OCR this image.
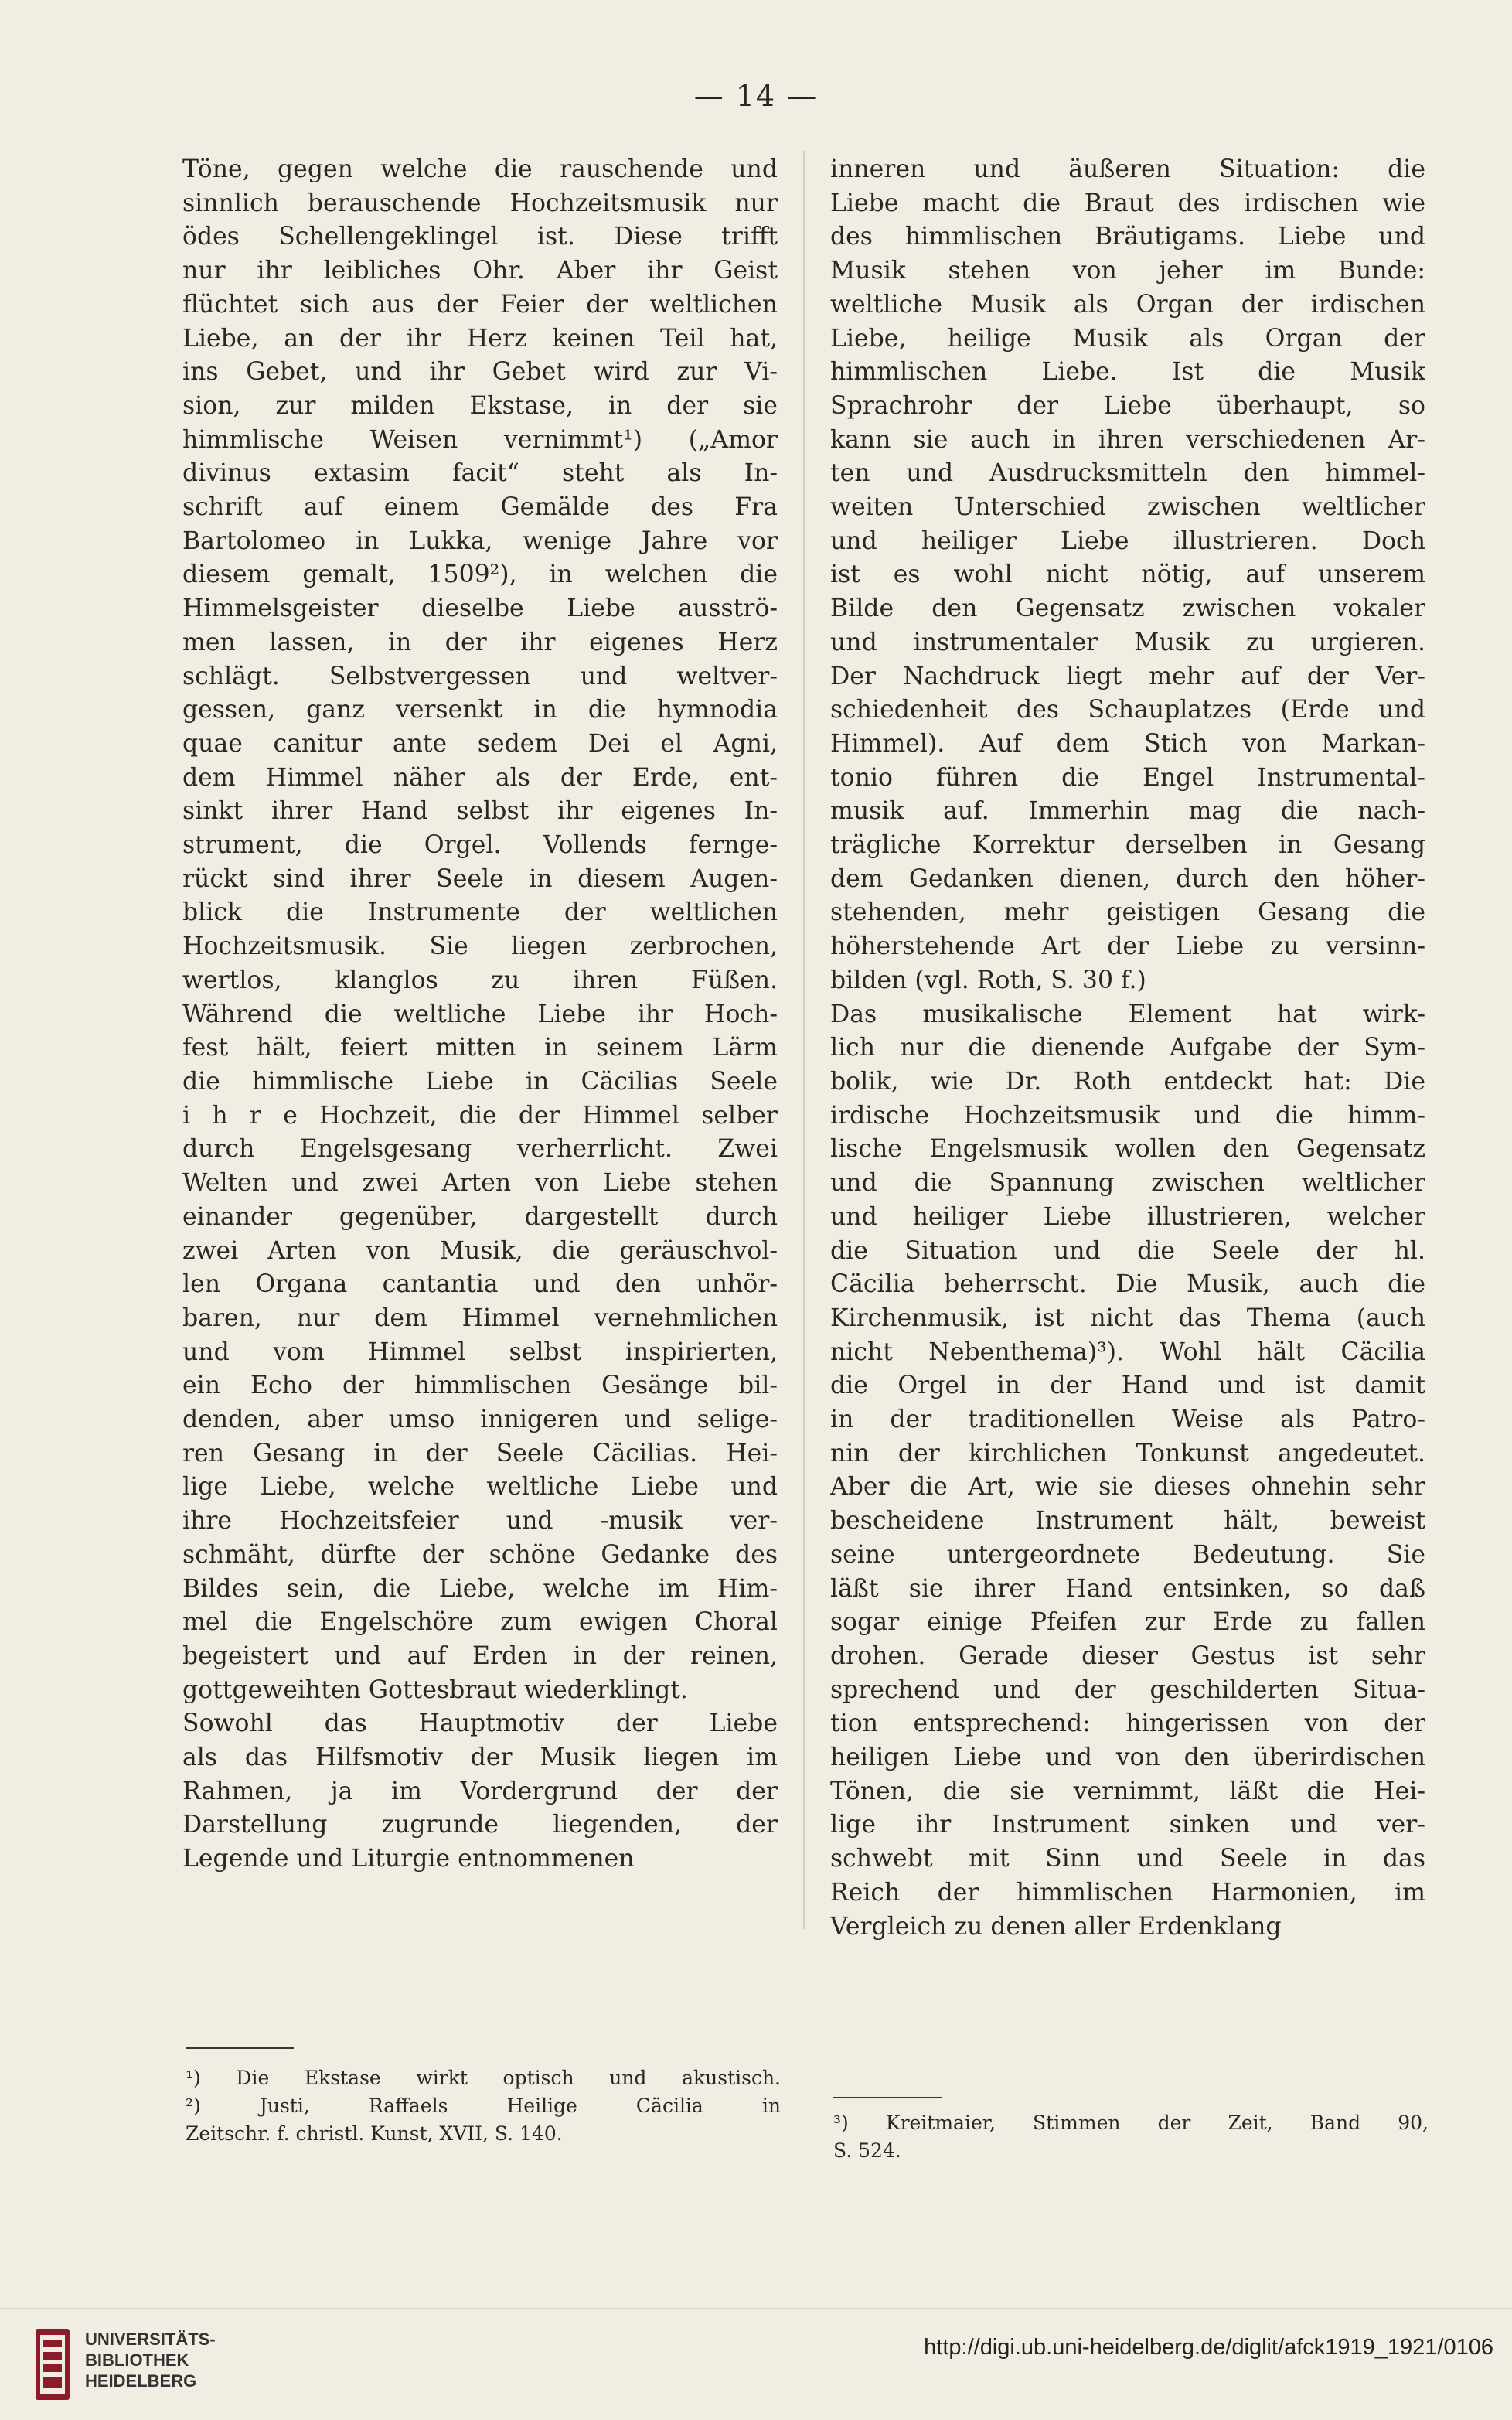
— 14 —
Töne, gegen welche die rauschende und
sinnlich berauschende Hochzeitsmusik nur
ödes Schellengeklingel ist. Diese trifft
nur ihr leibliches Ohr. Aber ihr Geist
flüchtet sich aus der Feier der weltlichen
Liebe, an der ihr Herz keinen Teil hat,
ins Gebet, und ihr Gebet wird zur Vi-
sion, zur milden Ekstase, in der sie
himmlische Weisen vernimmt¹) („Amor
divinus extasim facit“ steht als In-
schrift auf einem Gemälde des Fra
Bartolomeo in Lukka, wenige Jahre vor
diesem gemalt, 1509²), in welchen die
Himmelsgeister dieselbe Liebe ausströ-
men lassen, in der ihr eigenes Herz
schlägt. Selbstvergessen und weltver-
gessen, ganz versenkt in die hymnodia
quae canitur ante sedem Dei el Agni,
dem Himmel näher als der Erde, ent-
sinkt ihrer Hand selbst ihr eigenes In-
strument, die Orgel. Vollends fernge-
rückt sind ihrer Seele in diesem Augen-
blick die Instrumente der weltlichen
Hochzeitsmusik. Sie liegen zerbrochen,
wertlos, klanglos zu ihren Füßen.
Während die weltliche Liebe ihr Hoch-
fest hält, feiert mitten in seinem Lärm
die himmlische Liebe in Cäcilias Seele
i h r e Hochzeit, die der Himmel selber
durch Engelsgesang verherrlicht. Zwei
Welten und zwei Arten von Liebe stehen
einander gegenüber, dargestellt durch
zwei Arten von Musik, die geräuschvol-
len Organa cantantia und den unhör-
baren, nur dem Himmel vernehmlichen
und vom Himmel selbst inspirierten,
ein Echo der himmlischen Gesänge bil-
denden, aber umso innigeren und selige-
ren Gesang in der Seele Cäcilias. Hei-
lige Liebe, welche weltliche Liebe und
ihre Hochzeitsfeier und -musik ver-
schmäht, dürfte der schöne Gedanke des
Bildes sein, die Liebe, welche im Him-
mel die Engelschöre zum ewigen Choral
begeistert und auf Erden in der reinen,
gottgeweihten Gottesbraut wiederklingt.
Sowohl das Hauptmotiv der Liebe
als das Hilfsmotiv der Musik liegen im
Rahmen, ja im Vordergrund der der
Darstellung zugrunde liegenden, der
Legende und Liturgie entnommenen
inneren und äußeren Situation: die
Liebe macht die Braut des irdischen wie
des himmlischen Bräutigams. Liebe und
Musik stehen von jeher im Bunde:
weltliche Musik als Organ der irdischen
Liebe, heilige Musik als Organ der
himmlischen Liebe. Ist die Musik
Sprachrohr der Liebe überhaupt, so
kann sie auch in ihren verschiedenen Ar-
ten und Ausdrucksmitteln den himmel-
weiten Unterschied zwischen weltlicher
und heiliger Liebe illustrieren. Doch
ist es wohl nicht nötig, auf unserem
Bilde den Gegensatz zwischen vokaler
und instrumentaler Musik zu urgieren.
Der Nachdruck liegt mehr auf der Ver-
schiedenheit des Schauplatzes (Erde und
Himmel). Auf dem Stich von Markan-
tonio führen die Engel Instrumental-
musik auf. Immerhin mag die nach-
trägliche Korrektur derselben in Gesang
dem Gedanken dienen, durch den höher-
stehenden, mehr geistigen Gesang die
höherstehende Art der Liebe zu versinn-
bilden (vgl. Roth, S. 30 f.)
Das musikalische Element hat wirk-
lich nur die dienende Aufgabe der Sym-
bolik, wie Dr. Roth entdeckt hat: Die
irdische Hochzeitsmusik und die himm-
lische Engelsmusik wollen den Gegensatz
und die Spannung zwischen weltlicher
und heiliger Liebe illustrieren, welcher
die Situation und die Seele der hl.
Cäcilia beherrscht. Die Musik, auch die
Kirchenmusik, ist nicht das Thema (auch
nicht Nebenthema)³). Wohl hält Cäcilia
die Orgel in der Hand und ist damit
in der traditionellen Weise als Patro-
nin der kirchlichen Tonkunst angedeutet.
Aber die Art, wie sie dieses ohnehin sehr
bescheidene Instrument hält, beweist
seine untergeordnete Bedeutung. Sie
läßt sie ihrer Hand entsinken, so daß
sogar einige Pfeifen zur Erde zu fallen
drohen. Gerade dieser Gestus ist sehr
sprechend und der geschilderten Situa-
tion entsprechend: hingerissen von der
heiligen Liebe und von den überirdischen
Tönen, die sie vernimmt, läßt die Hei-
lige ihr Instrument sinken und ver-
schwebt mit Sinn und Seele in das
Reich der himmlischen Harmonien, im
Vergleich zu denen aller Erdenklang
¹) Die Ekstase wirkt optisch und akustisch.
²) Justi, Raffaels Heilige Cäcilia in
Zeitschr. f. christl. Kunst, XVII, S. 140.	³) Kreitmaier, Stimmen der Zeit, Band 90,
S. 524.
UNIVERSITÄTS-
BIBLIOTHEK
HEIDELBERG
http://digi.ub.uni-heidelberg.de/diglit/afck1919_1921/0106
